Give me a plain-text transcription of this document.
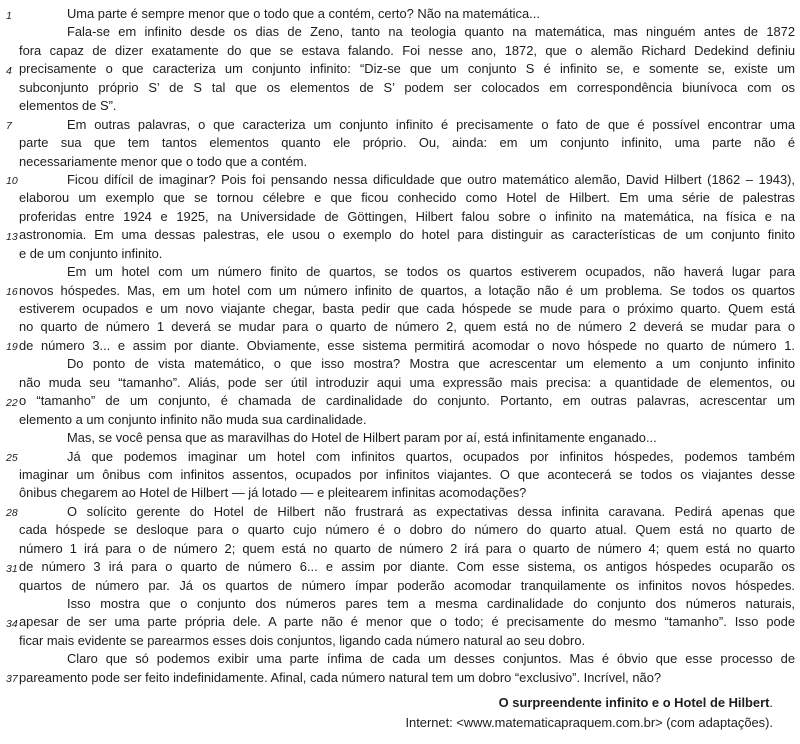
1	Uma parte é sempre menor que o todo que a contém, certo? Não na matemática...
Fala-se em infinito desde os dias de Zeno, tanto na teologia quanto na matemática, mas ninguém antes de 1872
fora capaz de dizer exatamente do que se estava falando. Foi nesse ano, 1872, que o alemão Richard Dedekind definiu
4 precisamente o que caracteriza um conjunto infinito: “Diz-se que um conjunto S é infinito se, e somente se, existe um
subconjunto próprio S’ de S tal que os elementos de S’ podem ser colocados em correspondência biunívoca com os
elementos de S”.
7	Em outras palavras, o que caracteriza um conjunto infinito é precisamente o fato de que é possível encontrar uma
parte sua que tem tantos elementos quanto ele próprio. Ou, ainda: em um conjunto infinito, uma parte não é
necessariamente menor que o todo que a contém.
10	Ficou difícil de imaginar? Pois foi pensando nessa dificuldade que outro matemático alemão, David Hilbert (1862 – 1943),
elaborou um exemplo que se tornou célebre e que ficou conhecido como Hotel de Hilbert. Em uma série de palestras
proferidas entre 1924 e 1925, na Universidade de Göttingen, Hilbert falou sobre o infinito na matemática, na física e na
13 astronomia. Em uma dessas palestras, ele usou o exemplo do hotel para distinguir as características de um conjunto finito
e de um conjunto infinito.
Em um hotel com um número finito de quartos, se todos os quartos estiverem ocupados, não haverá lugar para
16 novos hóspedes. Mas, em um hotel com um número infinito de quartos, a lotação não é um problema. Se todos os quartos
estiverem ocupados e um novo viajante chegar, basta pedir que cada hóspede se mude para o próximo quarto. Quem está
no quarto de número 1 deverá se mudar para o quarto de número 2, quem está no de número 2 deverá se mudar para o
19 de número 3... e assim por diante. Obviamente, esse sistema permitirá acomodar o novo hóspede no quarto de número 1.
Do ponto de vista matemático, o que isso mostra? Mostra que acrescentar um elemento a um conjunto infinito
não muda seu “tamanho”. Aliás, pode ser útil introduzir aqui uma expressão mais precisa: a quantidade de elementos, ou
22 o “tamanho” de um conjunto, é chamada de cardinalidade do conjunto. Portanto, em outras palavras, acrescentar um
elemento a um conjunto infinito não muda sua cardinalidade.
Mas, se você pensa que as maravilhas do Hotel de Hilbert param por aí, está infinitamente enganado...
25	Já que podemos imaginar um hotel com infinitos quartos, ocupados por infinitos hóspedes, podemos também
imaginar um ônibus com infinitos assentos, ocupados por infinitos viajantes. O que acontecerá se todos os viajantes desse
ônibus chegarem ao Hotel de Hilbert — já lotado — e pleitearem infinitas acomodações?
28	O solícito gerente do Hotel de Hilbert não frustrará as expectativas dessa infinita caravana. Pedirá apenas que
cada hóspede se desloque para o quarto cujo número é o dobro do número do quarto atual. Quem está no quarto de
número 1 irá para o de número 2; quem está no quarto de número 2 irá para o quarto de número 4; quem está no quarto
31 de número 3 irá para o quarto de número 6... e assim por diante. Com esse sistema, os antigos hóspedes ocuparão os
quartos de número par. Já os quartos de número ímpar poderão acomodar tranquilamente os infinitos novos hóspedes.
Isso mostra que o conjunto dos números pares tem a mesma cardinalidade do conjunto dos números naturais,
34 apesar de ser uma parte própria dele. A parte não é menor que o todo; é precisamente do mesmo “tamanho”. Isso pode
ficar mais evidente se parearmos esses dois conjuntos, ligando cada número natural ao seu dobro.
Claro que só podemos exibir uma parte ínfima de cada um desses conjuntos. Mas é óbvio que esse processo de
37 pareamento pode ser feito indefinidamente. Afinal, cada número natural tem um dobro “exclusivo”. Incrível, não?
O surpreendente infinito e o Hotel de Hilbert.
Internet: <www.matematicapraquem.com.br> (com adaptações).
